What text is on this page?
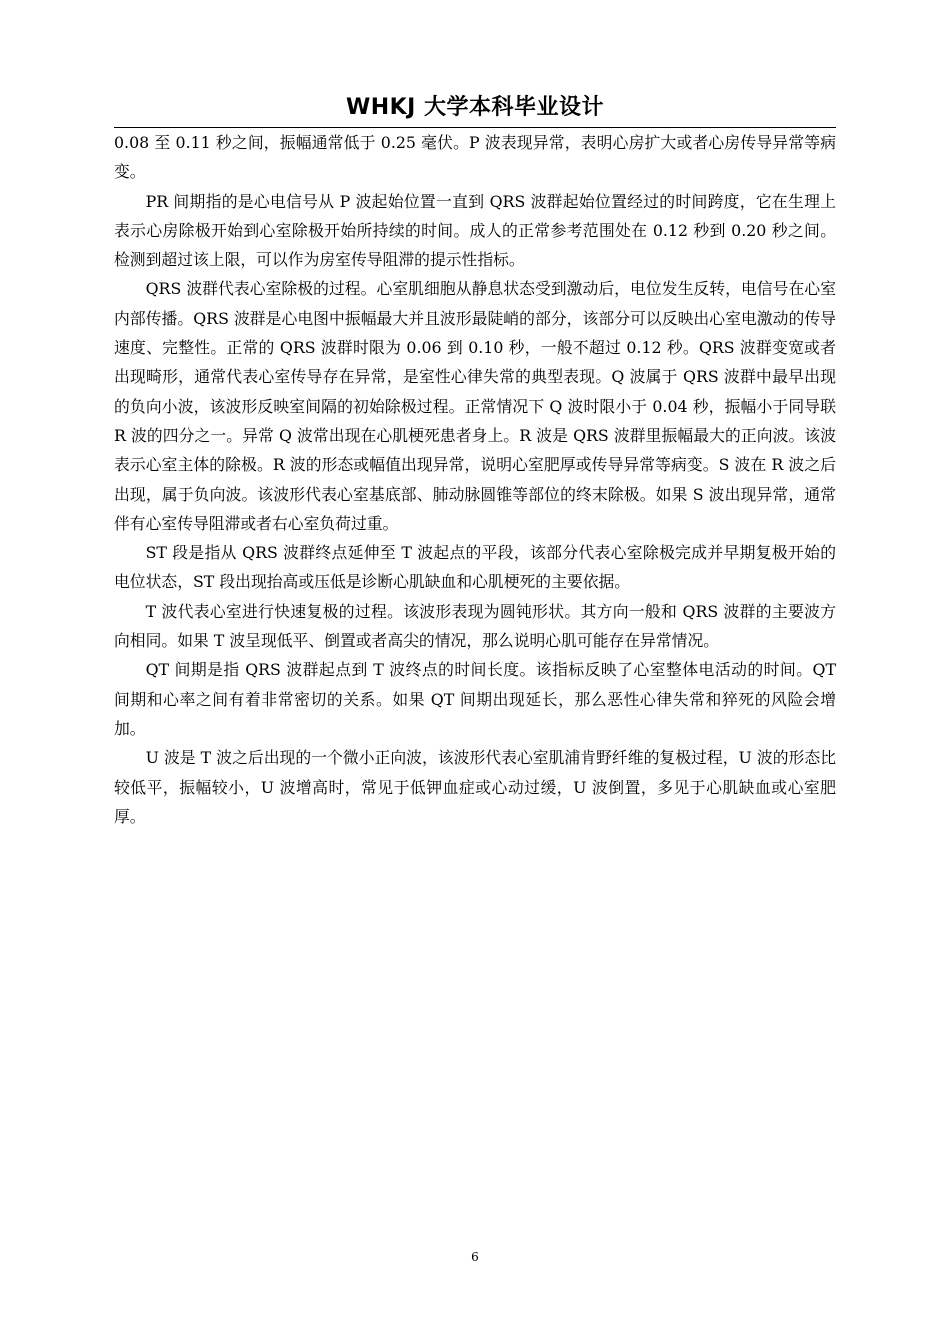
WHKJ 大学本科毕业设计

0.08 至 0.11 秒之间，振幅通常低于 0.25 毫伏。P 波表现异常，表明心房扩大或者心房传导异常等病变。

PR 间期指的是心电信号从 P 波起始位置一直到 QRS 波群起始位置经过的时间跨度，它在生理上表示心房除极开始到心室除极开始所持续的时间。成人的正常参考范围处在 0.12 秒到 0.20 秒之间。检测到超过该上限，可以作为房室传导阻滞的提示性指标。

QRS 波群代表心室除极的过程。心室肌细胞从静息状态受到激动后，电位发生反转，电信号在心室内部传播。QRS 波群是心电图中振幅最大并且波形最陡峭的部分，该部分可以反映出心室电激动的传导速度、完整性。正常的 QRS 波群时限为 0.06 到 0.10 秒，一般不超过 0.12 秒。QRS 波群变宽或者出现畸形，通常代表心室传导存在异常，是室性心律失常的典型表现。Q 波属于 QRS 波群中最早出现的负向小波，该波形反映室间隔的初始除极过程。正常情况下 Q 波时限小于 0.04 秒，振幅小于同导联 R 波的四分之一。异常 Q 波常出现在心肌梗死患者身上。R 波是 QRS 波群里振幅最大的正向波。该波表示心室主体的除极。R 波的形态或幅值出现异常，说明心室肥厚或传导异常等病变。S 波在 R 波之后出现，属于负向波。该波形代表心室基底部、肺动脉圆锥等部位的终末除极。如果 S 波出现异常，通常伴有心室传导阻滞或者右心室负荷过重。

ST 段是指从 QRS 波群终点延伸至 T 波起点的平段，该部分代表心室除极完成并早期复极开始的电位状态，ST 段出现抬高或压低是诊断心肌缺血和心肌梗死的主要依据。

T 波代表心室进行快速复极的过程。该波形表现为圆钝形状。其方向一般和 QRS 波群的主要波方向相同。如果 T 波呈现低平、倒置或者高尖的情况，那么说明心肌可能存在异常情况。

QT 间期是指 QRS 波群起点到 T 波终点的时间长度。该指标反映了心室整体电活动的时间。QT 间期和心率之间有着非常密切的关系。如果 QT 间期出现延长，那么恶性心律失常和猝死的风险会增加。

U 波是 T 波之后出现的一个微小正向波，该波形代表心室肌浦肯野纤维的复极过程，U 波的形态比较低平，振幅较小，U 波增高时，常见于低钾血症或心动过缓，U 波倒置，多见于心肌缺血或心室肥厚。

6
